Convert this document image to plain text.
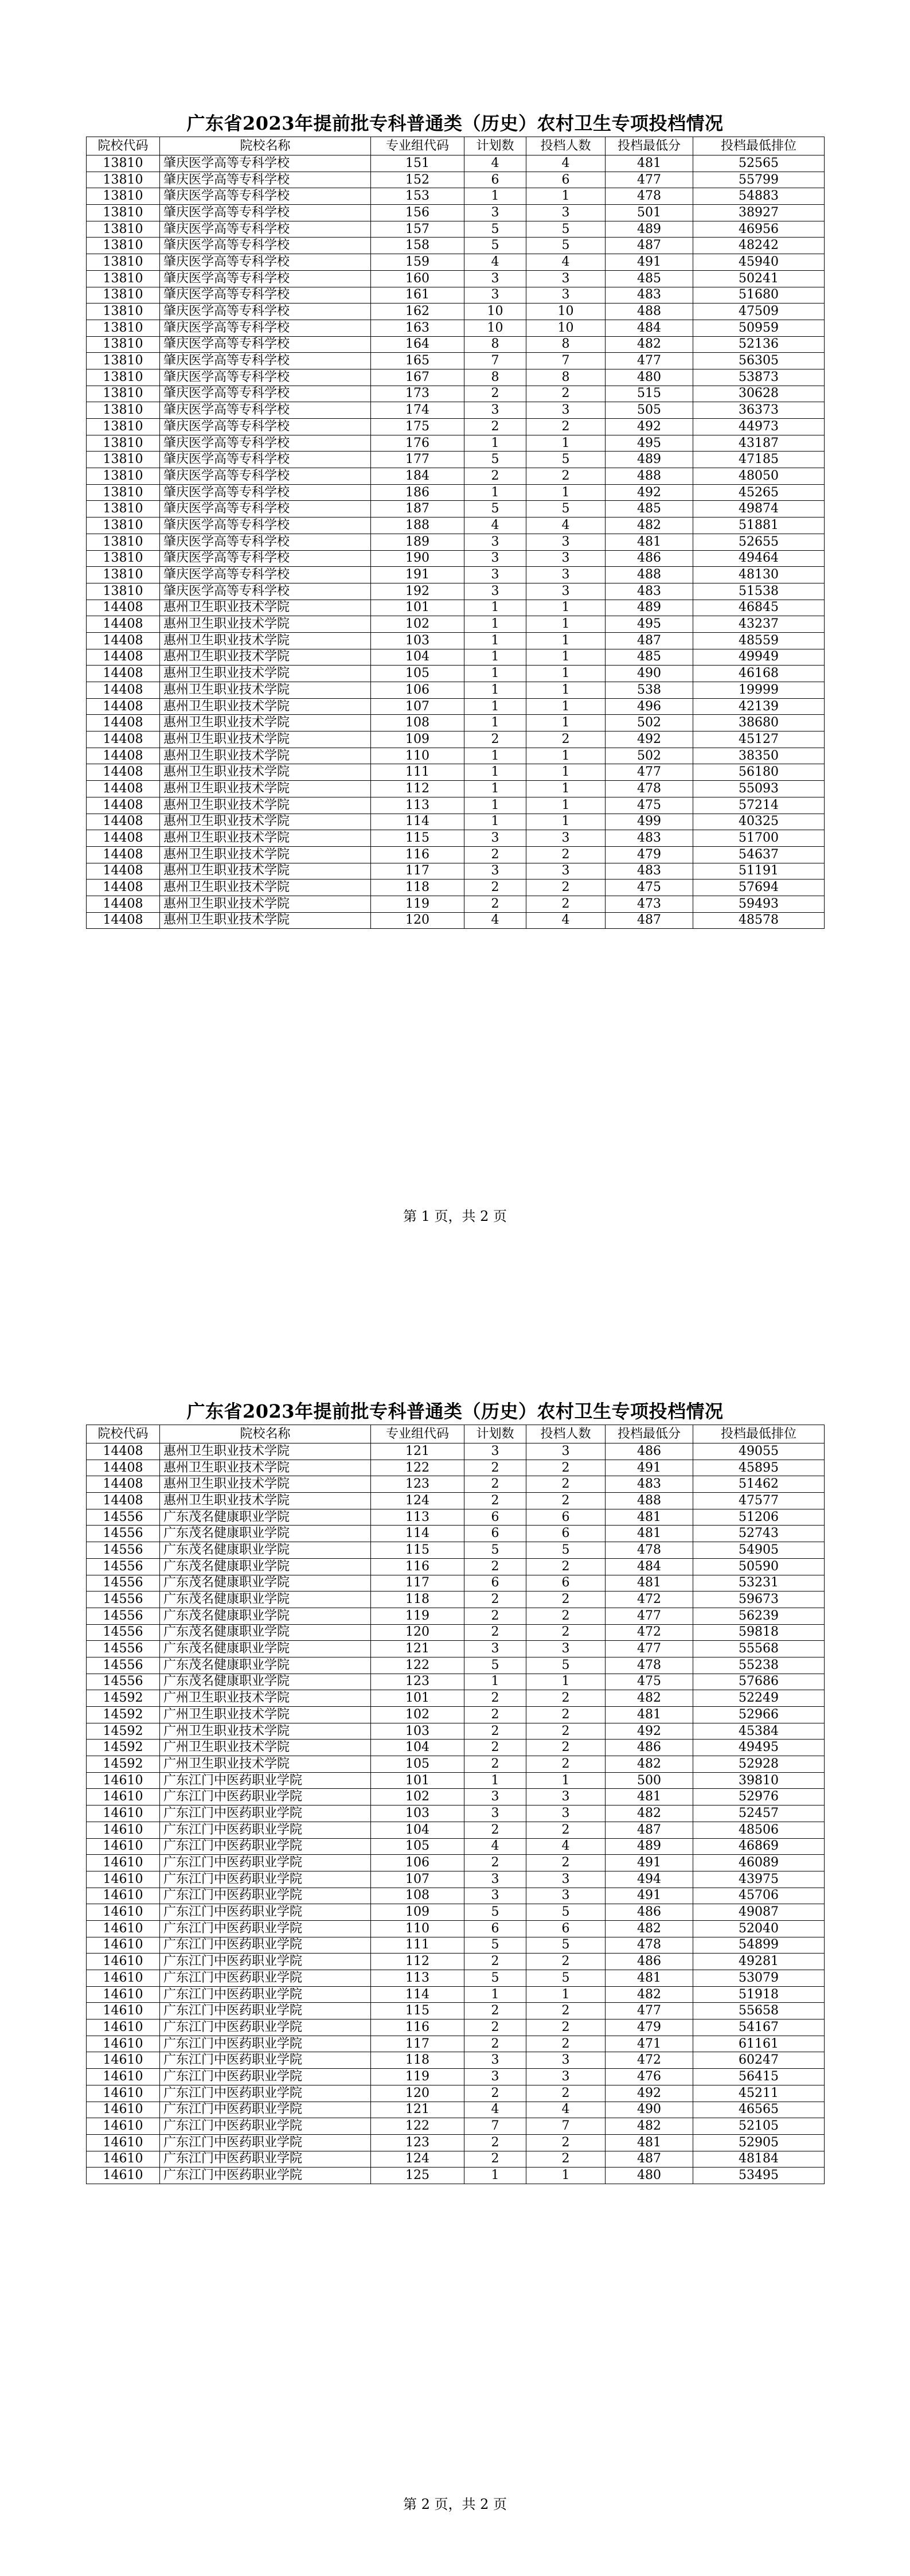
广东省2023年提前批专科普通类（历史）农村卫生专项投档情况
院校代码	院校名称	专业组代码	计划数	投档人数	投档最低分	投档最低排位
13810	肇庆医学高等专科学校	151	4	4	481	52565
13810	肇庆医学高等专科学校	152	6	6	477	55799
13810	肇庆医学高等专科学校	153	1	1	478	54883
13810	肇庆医学高等专科学校	156	3	3	501	38927
13810	肇庆医学高等专科学校	157	5	5	489	46956
13810	肇庆医学高等专科学校	158	5	5	487	48242
13810	肇庆医学高等专科学校	159	4	4	491	45940
13810	肇庆医学高等专科学校	160	3	3	485	50241
13810	肇庆医学高等专科学校	161	3	3	483	51680
13810	肇庆医学高等专科学校	162	10	10	488	47509
13810	肇庆医学高等专科学校	163	10	10	484	50959
13810	肇庆医学高等专科学校	164	8	8	482	52136
13810	肇庆医学高等专科学校	165	7	7	477	56305
13810	肇庆医学高等专科学校	167	8	8	480	53873
13810	肇庆医学高等专科学校	173	2	2	515	30628
13810	肇庆医学高等专科学校	174	3	3	505	36373
13810	肇庆医学高等专科学校	175	2	2	492	44973
13810	肇庆医学高等专科学校	176	1	1	495	43187
13810	肇庆医学高等专科学校	177	5	5	489	47185
13810	肇庆医学高等专科学校	184	2	2	488	48050
13810	肇庆医学高等专科学校	186	1	1	492	45265
13810	肇庆医学高等专科学校	187	5	5	485	49874
13810	肇庆医学高等专科学校	188	4	4	482	51881
13810	肇庆医学高等专科学校	189	3	3	481	52655
13810	肇庆医学高等专科学校	190	3	3	486	49464
13810	肇庆医学高等专科学校	191	3	3	488	48130
13810	肇庆医学高等专科学校	192	3	3	483	51538
14408	惠州卫生职业技术学院	101	1	1	489	46845
14408	惠州卫生职业技术学院	102	1	1	495	43237
14408	惠州卫生职业技术学院	103	1	1	487	48559
14408	惠州卫生职业技术学院	104	1	1	485	49949
14408	惠州卫生职业技术学院	105	1	1	490	46168
14408	惠州卫生职业技术学院	106	1	1	538	19999
14408	惠州卫生职业技术学院	107	1	1	496	42139
14408	惠州卫生职业技术学院	108	1	1	502	38680
14408	惠州卫生职业技术学院	109	2	2	492	45127
14408	惠州卫生职业技术学院	110	1	1	502	38350
14408	惠州卫生职业技术学院	111	1	1	477	56180
14408	惠州卫生职业技术学院	112	1	1	478	55093
14408	惠州卫生职业技术学院	113	1	1	475	57214
14408	惠州卫生职业技术学院	114	1	1	499	40325
14408	惠州卫生职业技术学院	115	3	3	483	51700
14408	惠州卫生职业技术学院	116	2	2	479	54637
14408	惠州卫生职业技术学院	117	3	3	483	51191
14408	惠州卫生职业技术学院	118	2	2	475	57694
14408	惠州卫生职业技术学院	119	2	2	473	59493
14408	惠州卫生职业技术学院	120	4	4	487	48578
第 1 页，共 2 页
广东省2023年提前批专科普通类（历史）农村卫生专项投档情况
院校代码	院校名称	专业组代码	计划数	投档人数	投档最低分	投档最低排位
14408	惠州卫生职业技术学院	121	3	3	486	49055
14408	惠州卫生职业技术学院	122	2	2	491	45895
14408	惠州卫生职业技术学院	123	2	2	483	51462
14408	惠州卫生职业技术学院	124	2	2	488	47577
14556	广东茂名健康职业学院	113	6	6	481	51206
14556	广东茂名健康职业学院	114	6	6	481	52743
14556	广东茂名健康职业学院	115	5	5	478	54905
14556	广东茂名健康职业学院	116	2	2	484	50590
14556	广东茂名健康职业学院	117	6	6	481	53231
14556	广东茂名健康职业学院	118	2	2	472	59673
14556	广东茂名健康职业学院	119	2	2	477	56239
14556	广东茂名健康职业学院	120	2	2	472	59818
14556	广东茂名健康职业学院	121	3	3	477	55568
14556	广东茂名健康职业学院	122	5	5	478	55238
14556	广东茂名健康职业学院	123	1	1	475	57686
14592	广州卫生职业技术学院	101	2	2	482	52249
14592	广州卫生职业技术学院	102	2	2	481	52966
14592	广州卫生职业技术学院	103	2	2	492	45384
14592	广州卫生职业技术学院	104	2	2	486	49495
14592	广州卫生职业技术学院	105	2	2	482	52928
14610	广东江门中医药职业学院	101	1	1	500	39810
14610	广东江门中医药职业学院	102	3	3	481	52976
14610	广东江门中医药职业学院	103	3	3	482	52457
14610	广东江门中医药职业学院	104	2	2	487	48506
14610	广东江门中医药职业学院	105	4	4	489	46869
14610	广东江门中医药职业学院	106	2	2	491	46089
14610	广东江门中医药职业学院	107	3	3	494	43975
14610	广东江门中医药职业学院	108	3	3	491	45706
14610	广东江门中医药职业学院	109	5	5	486	49087
14610	广东江门中医药职业学院	110	6	6	482	52040
14610	广东江门中医药职业学院	111	5	5	478	54899
14610	广东江门中医药职业学院	112	2	2	486	49281
14610	广东江门中医药职业学院	113	5	5	481	53079
14610	广东江门中医药职业学院	114	1	1	482	51918
14610	广东江门中医药职业学院	115	2	2	477	55658
14610	广东江门中医药职业学院	116	2	2	479	54167
14610	广东江门中医药职业学院	117	2	2	471	61161
14610	广东江门中医药职业学院	118	3	3	472	60247
14610	广东江门中医药职业学院	119	3	3	476	56415
14610	广东江门中医药职业学院	120	2	2	492	45211
14610	广东江门中医药职业学院	121	4	4	490	46565
14610	广东江门中医药职业学院	122	7	7	482	52105
14610	广东江门中医药职业学院	123	2	2	481	52905
14610	广东江门中医药职业学院	124	2	2	487	48184
14610	广东江门中医药职业学院	125	1	1	480	53495
第 2 页，共 2 页
